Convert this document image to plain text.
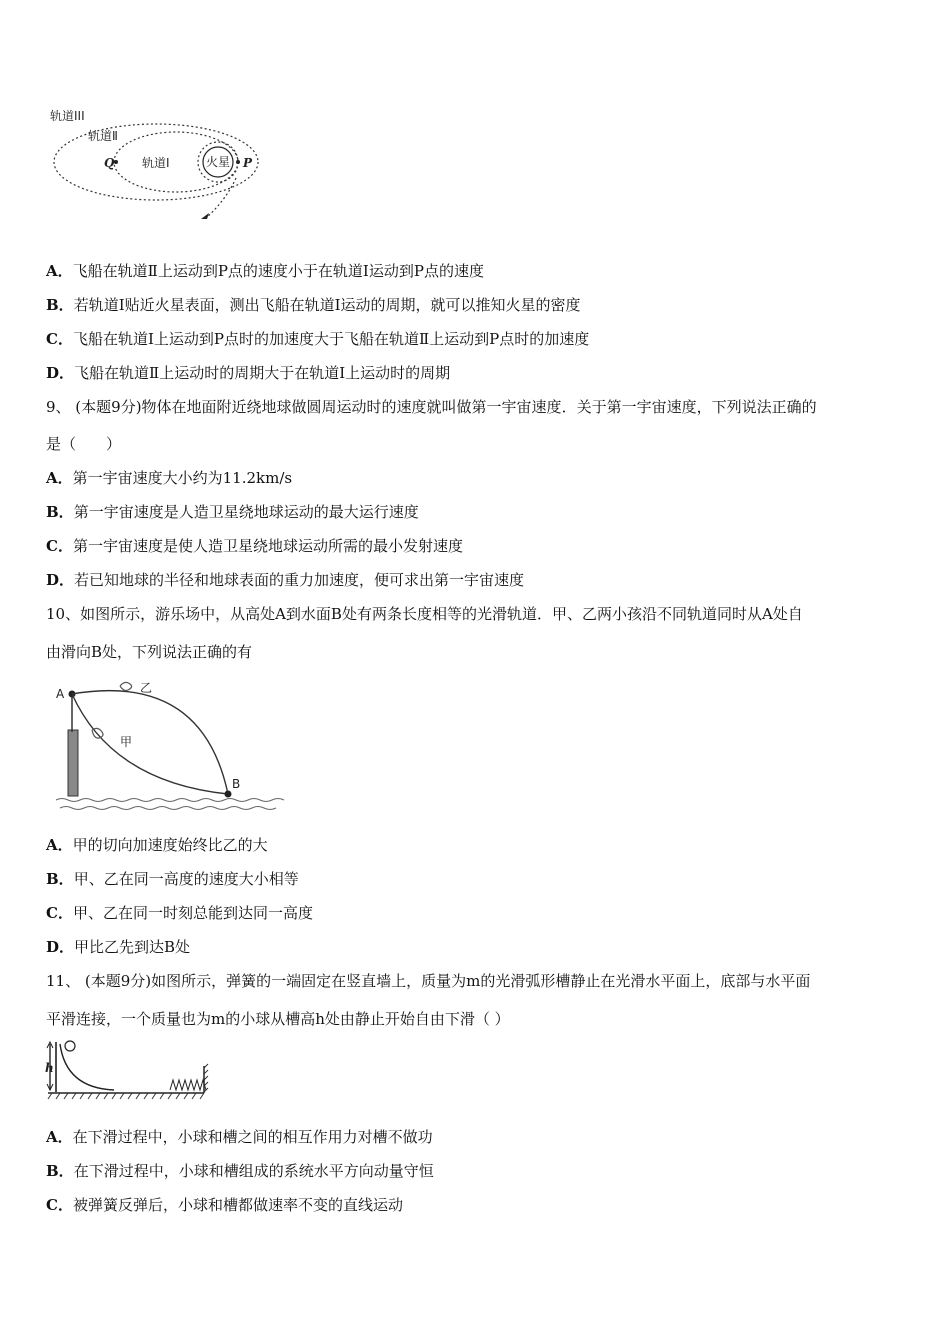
轨道III
轨道Ⅱ
轨道Ⅰ	火星
Q	P
A．飞船在轨道Ⅱ上运动到P点的速度小于在轨道Ⅰ运动到P点的速度
B．若轨道Ⅰ贴近火星表面，测出飞船在轨道Ⅰ运动的周期，就可以推知火星的密度
C．飞船在轨道Ⅰ上运动到P点时的加速度大于飞船在轨道Ⅱ上运动到P点时的加速度
D．飞船在轨道Ⅱ上运动时的周期大于在轨道Ⅰ上运动时的周期
9、 (本题9分)物体在地面附近绕地球做圆周运动时的速度就叫做第一宇宙速度．关于第一宇宙速度，下列说法正确的
是（　　）
A．第一宇宙速度大小约为11.2km/s
B．第一宇宙速度是人造卫星绕地球运动的最大运行速度
C．第一宇宙速度是使人造卫星绕地球运动所需的最小发射速度
D．若已知地球的半径和地球表面的重力加速度，便可求出第一宇宙速度
10、如图所示，游乐场中，从高处A到水面B处有两条长度相等的光滑轨道．甲、乙两小孩沿不同轨道同时从A处自
由滑向B处，下列说法正确的有
A
B
甲
乙
A．甲的切向加速度始终比乙的大
B．甲、乙在同一高度的速度大小相等
C．甲、乙在同一时刻总能到达同一高度
D．甲比乙先到达B处
11、 (本题9分)如图所示，弹簧的一端固定在竖直墙上，质量为m的光滑弧形槽静止在光滑水平面上，底部与水平面
平滑连接，一个质量也为m的小球从槽高h处由静止开始自由下滑（ ）
h
A．在下滑过程中，小球和槽之间的相互作用力对槽不做功
B．在下滑过程中，小球和槽组成的系统水平方向动量守恒
C．被弹簧反弹后，小球和槽都做速率不变的直线运动
